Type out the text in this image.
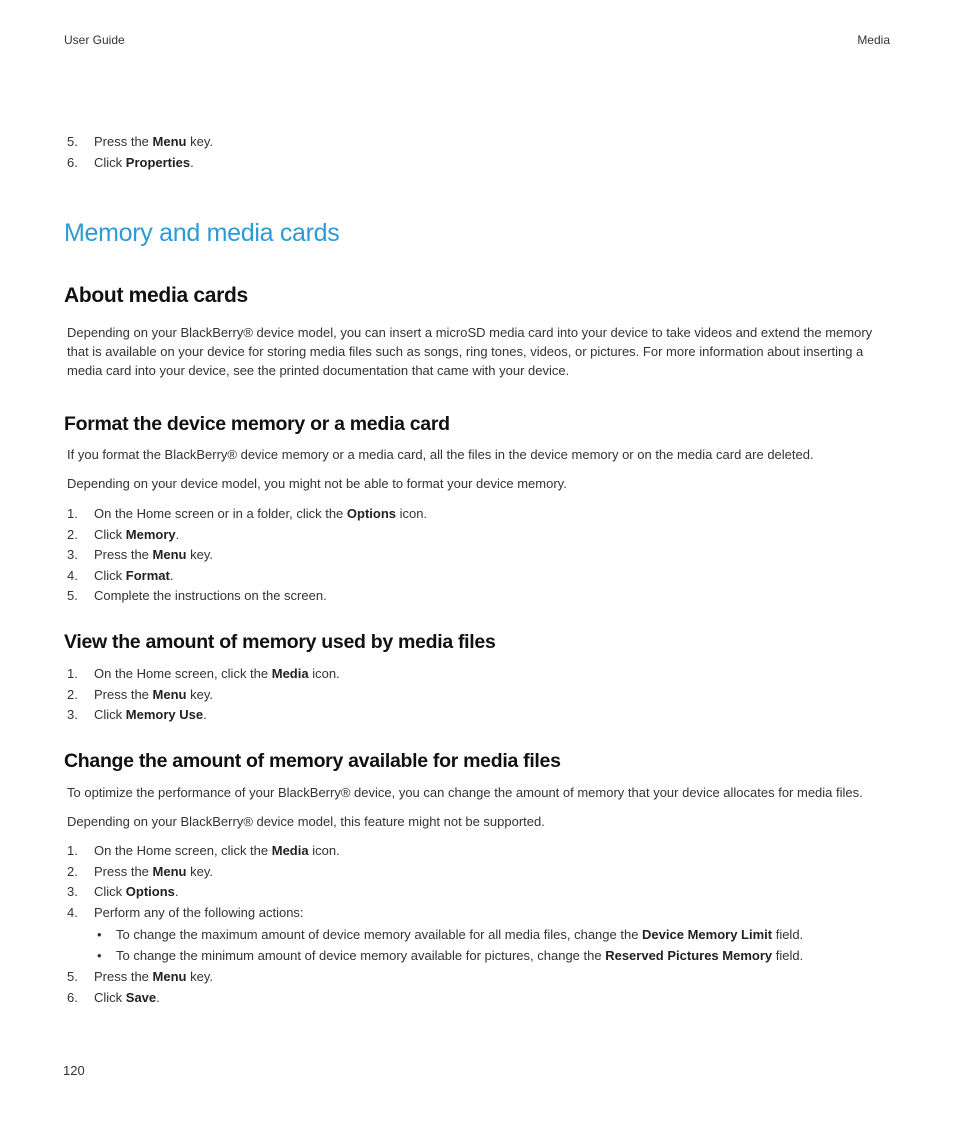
User Guide	Media
5. Press the Menu key.
6. Click Properties.
Memory and media cards
About media cards

Depending on your BlackBerry® device model, you can insert a microSD media card into your device to take videos and extend the memory that is available on your device for storing media files such as songs, ring tones, videos, or pictures. For more information about inserting a media card into your device, see the printed documentation that came with your device.

Format the device memory or a media card

If you format the BlackBerry® device memory or a media card, all the files in the device memory or on the media card are deleted.

Depending on your device model, you might not be able to format your device memory.

1. On the Home screen or in a folder, click the Options icon.
2. Click Memory.
3. Press the Menu key.
4. Click Format.
5. Complete the instructions on the screen.
View the amount of memory used by media files
1. On the Home screen, click the Media icon.
2. Press the Menu key.
3. Click Memory Use.
Change the amount of memory available for media files

To optimize the performance of your BlackBerry® device, you can change the amount of memory that your device allocates for media files.

Depending on your BlackBerry® device model, this feature might not be supported.

1. On the Home screen, click the Media icon.
2. Press the Menu key.
3. Click Options.
4. Perform any of the following actions:
• To change the maximum amount of device memory available for all media files, change the Device Memory Limit field.
• To change the minimum amount of device memory available for pictures, change the Reserved Pictures Memory field.
5. Press the Menu key.
6. Click Save.
120
